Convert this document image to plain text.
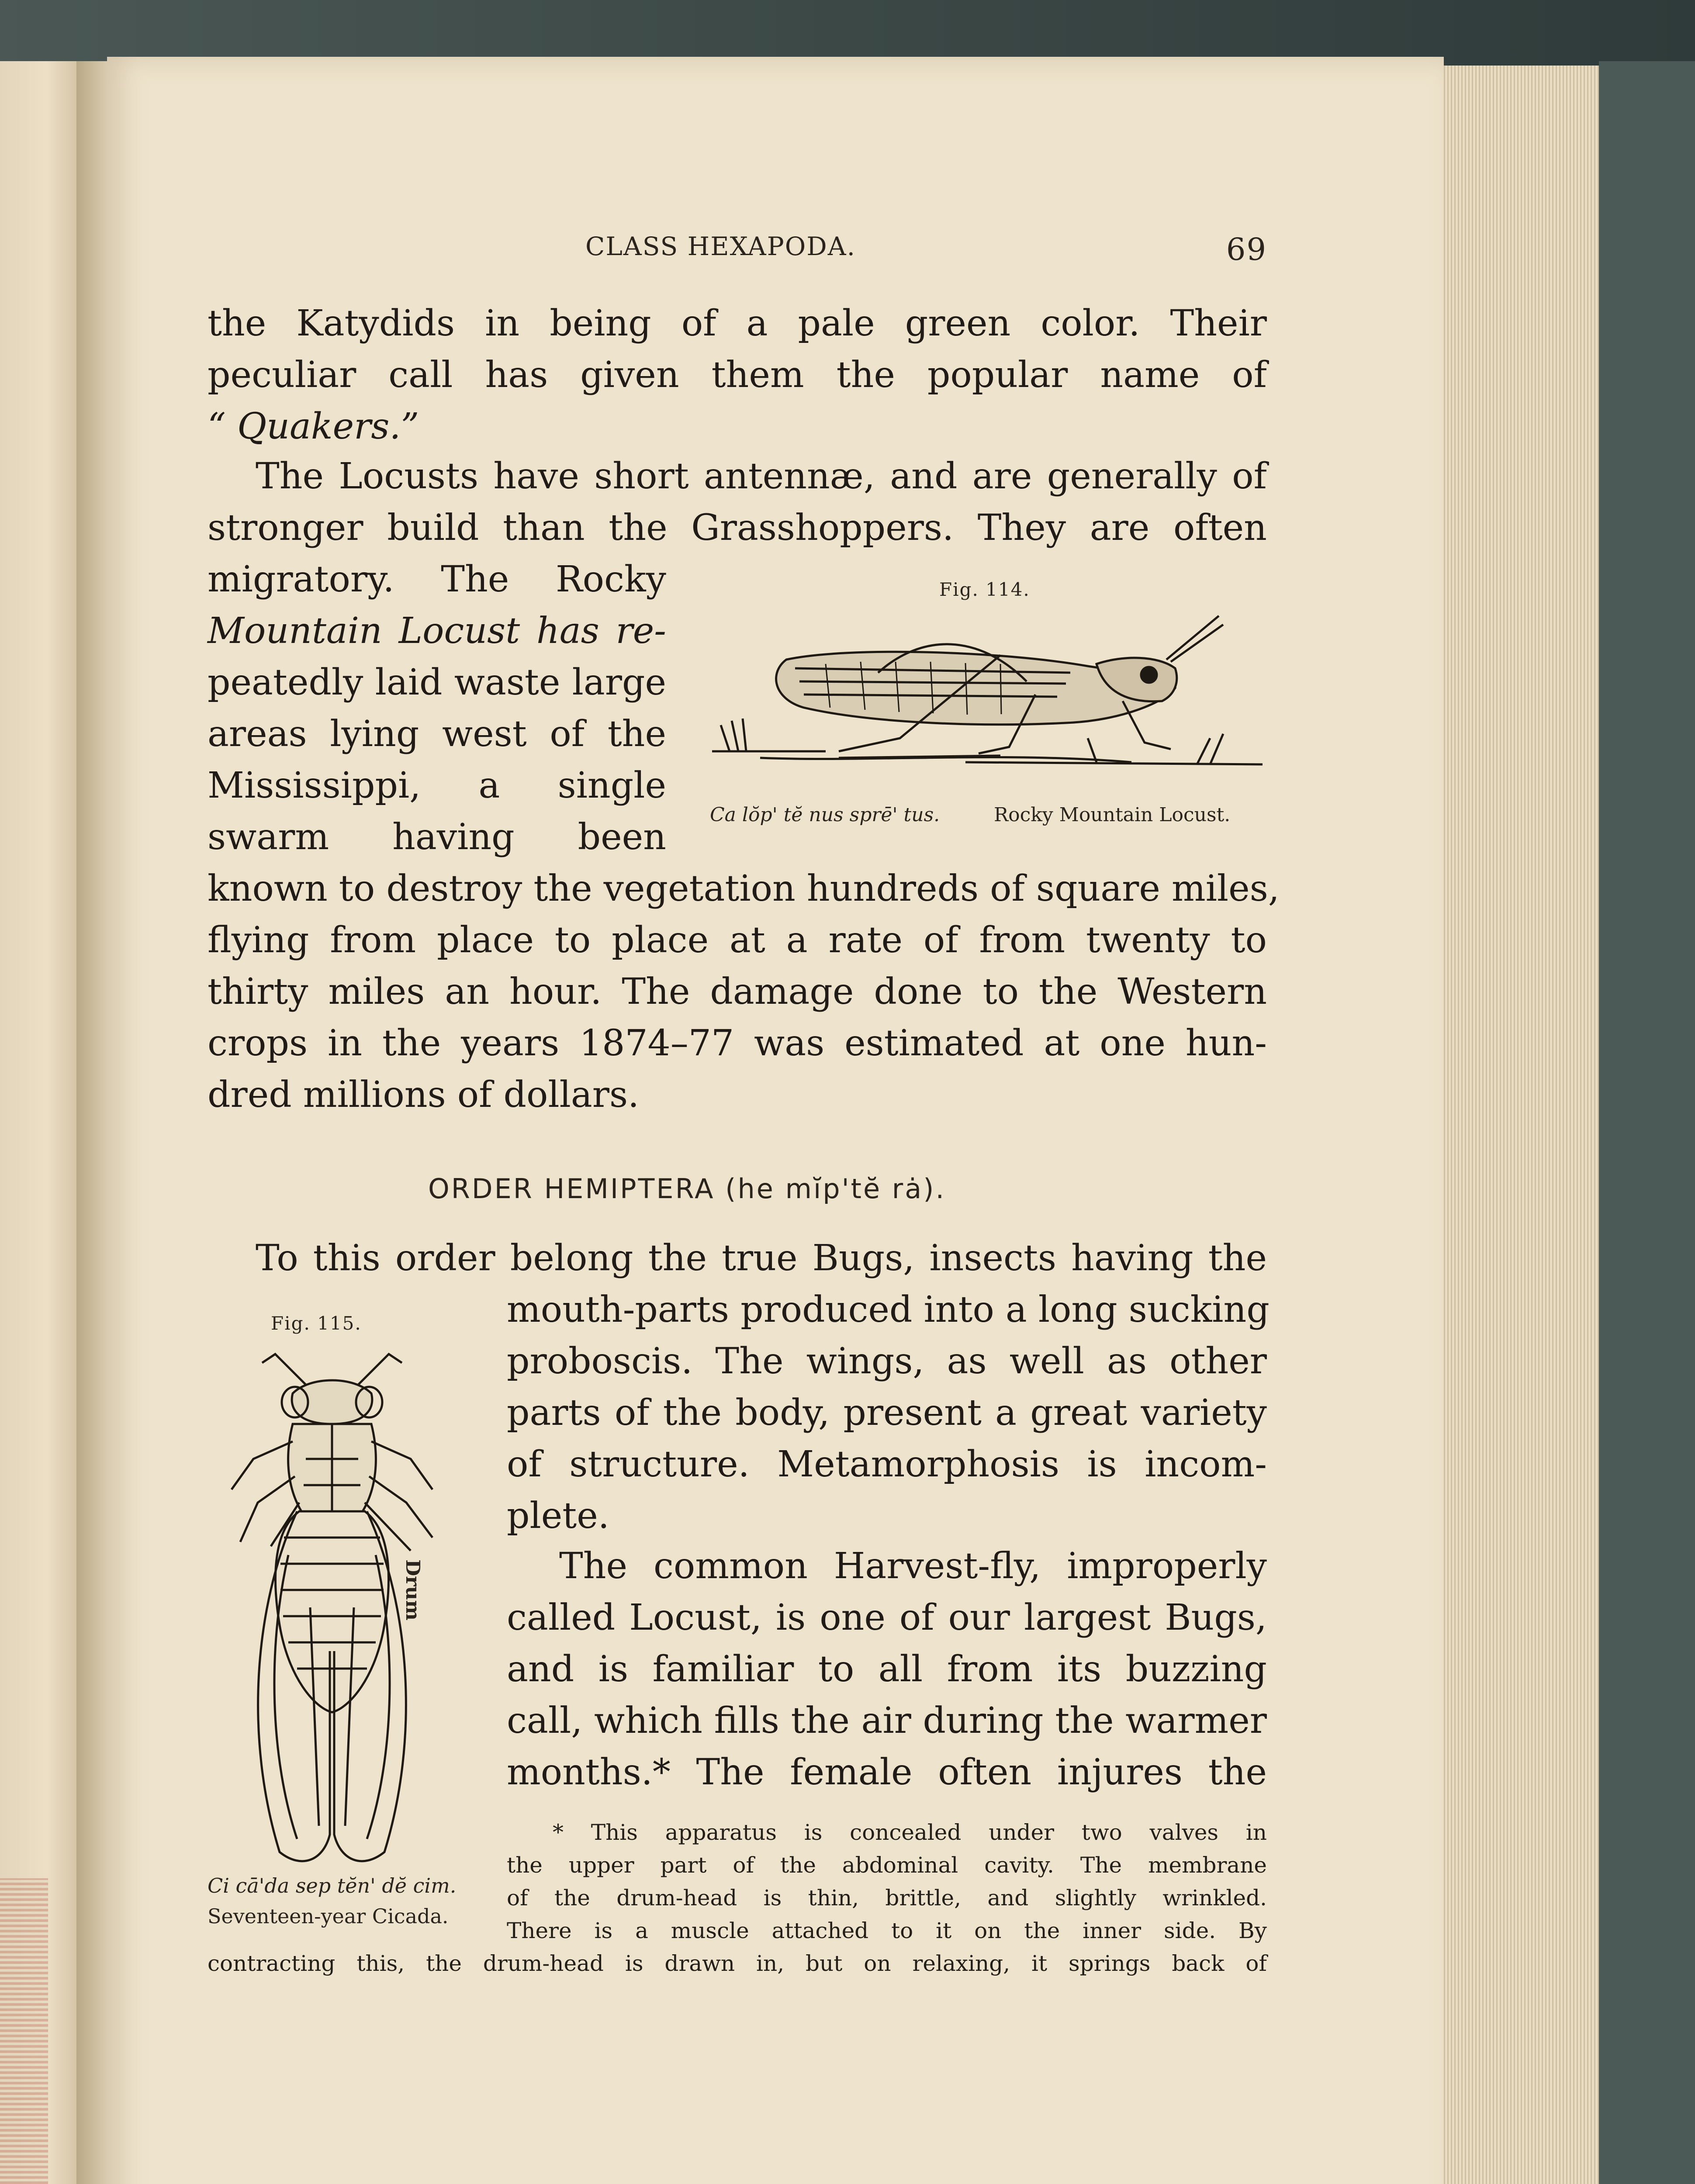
CLASS HEXAPODA.	69
the Katydids in being of a pale green color. Their
peculiar call has given them the popular name of
“ Quakers.”
The Locusts have short antennæ, and are generally of
stronger build than the Grasshoppers. They are often
migratory. The Rocky
Mountain Locust has re-
peatedly laid waste large
areas lying west of the
Mississippi, a single
swarm having been
known to destroy the vegetation hundreds of square miles,
flying from place to place at a rate of from twenty to
thirty miles an hour. The damage done to the Western
crops in the years 1874–77 was estimated at one hun-
dred millions of dollars.
Fig. 114.
Ca lŏp' tĕ nus sprē' tus.	Rocky Mountain Locust.
ORDER HEMIPTERA (he mĭp'tĕ rȧ).
To this order belong the true Bugs, insects having the
mouth-parts produced into a long sucking
proboscis. The wings, as well as other
parts of the body, present a great variety
of structure. Metamorphosis is incom-
plete.
The common Harvest-fly, improperly
called Locust, is one of our largest Bugs,
and is familiar to all from its buzzing
call, which fills the air during the warmer
months.* The female often injures the
Fig. 115.
Drum
Ci cā'da sep tĕn' dĕ cim.
Seventeen-year Cicada.
* This apparatus is concealed under two valves in
the upper part of the abdominal cavity. The membrane
of the drum-head is thin, brittle, and slightly wrinkled.
There is a muscle attached to it on the inner side. By
contracting this, the drum-head is drawn in, but on relaxing, it springs back of
